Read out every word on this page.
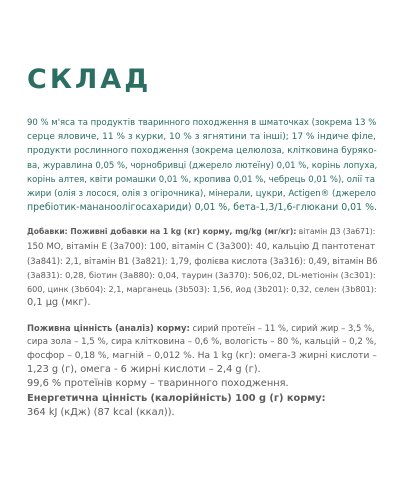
СКЛАД

90 % м'яса та продуктів тваринного походження в шматочках (зокрема 13 %
серце яловиче, 11 % з курки, 10 % з ягнятини та інші); 17 % індиче філе,
продукти рослинного походження (зокрема целюлоза, клітковина буряко-
ва, журавлина 0,05 %, чорнобривці (джерело лютеїну) 0,01 %, корінь лопуха,
корінь алтея, квіти ромашки 0,01 %, кропива 0,01 %, чебрець 0,01 %), олії та
жири (олія з лосося, олія з огірочника), мінерали, цукри, Actigen® (джерело
пребіотик-мананоолігосахариди) 0,01 %, бета-1,3/1,6-глюкани 0,01 %.

Добавки: Поживні добавки на 1 kg (кг) корму, mg/kg (мг/кг): вітамін Д3 (3a671):
150 МО, вітамін Е (3a700): 100, вітамін С (3a300): 40, кальцію Д пантотенат
(3a841): 2,1, вітамін В1 (3a821): 1,79, фолієва кислота (3a316): 0,49, вітамін В6
(3a831): 0,28, біотин (3a880): 0,04, таурин (3a370): 506,02, DL-метіонін (3c301):
600, цинк (3b604): 2,1, марганець (3b503): 1,56, йод (3b201): 0,32, селен (3b801):
0,1 µg (мкг).

Поживна цінність (аналіз) корму: сирий протеїн – 11 %, сирий жир – 3,5 %,
сира зола – 1,5 %, сира клітковина – 0,6 %, вологість – 80 %, кальцій – 0,2 %,
фосфор – 0,18 %, магній – 0,012 %. На 1 kg (кг): омега-3 жирні кислоти –
1,23 g (г), омега - 6 жирні кислоти – 2,4 g (г).
99,6 % протеїнів корму – тваринного походження.
Енергетична цінність (калорійність) 100 g (г) корму:
364 kJ (кДж) (87 kcal (ккал)).
